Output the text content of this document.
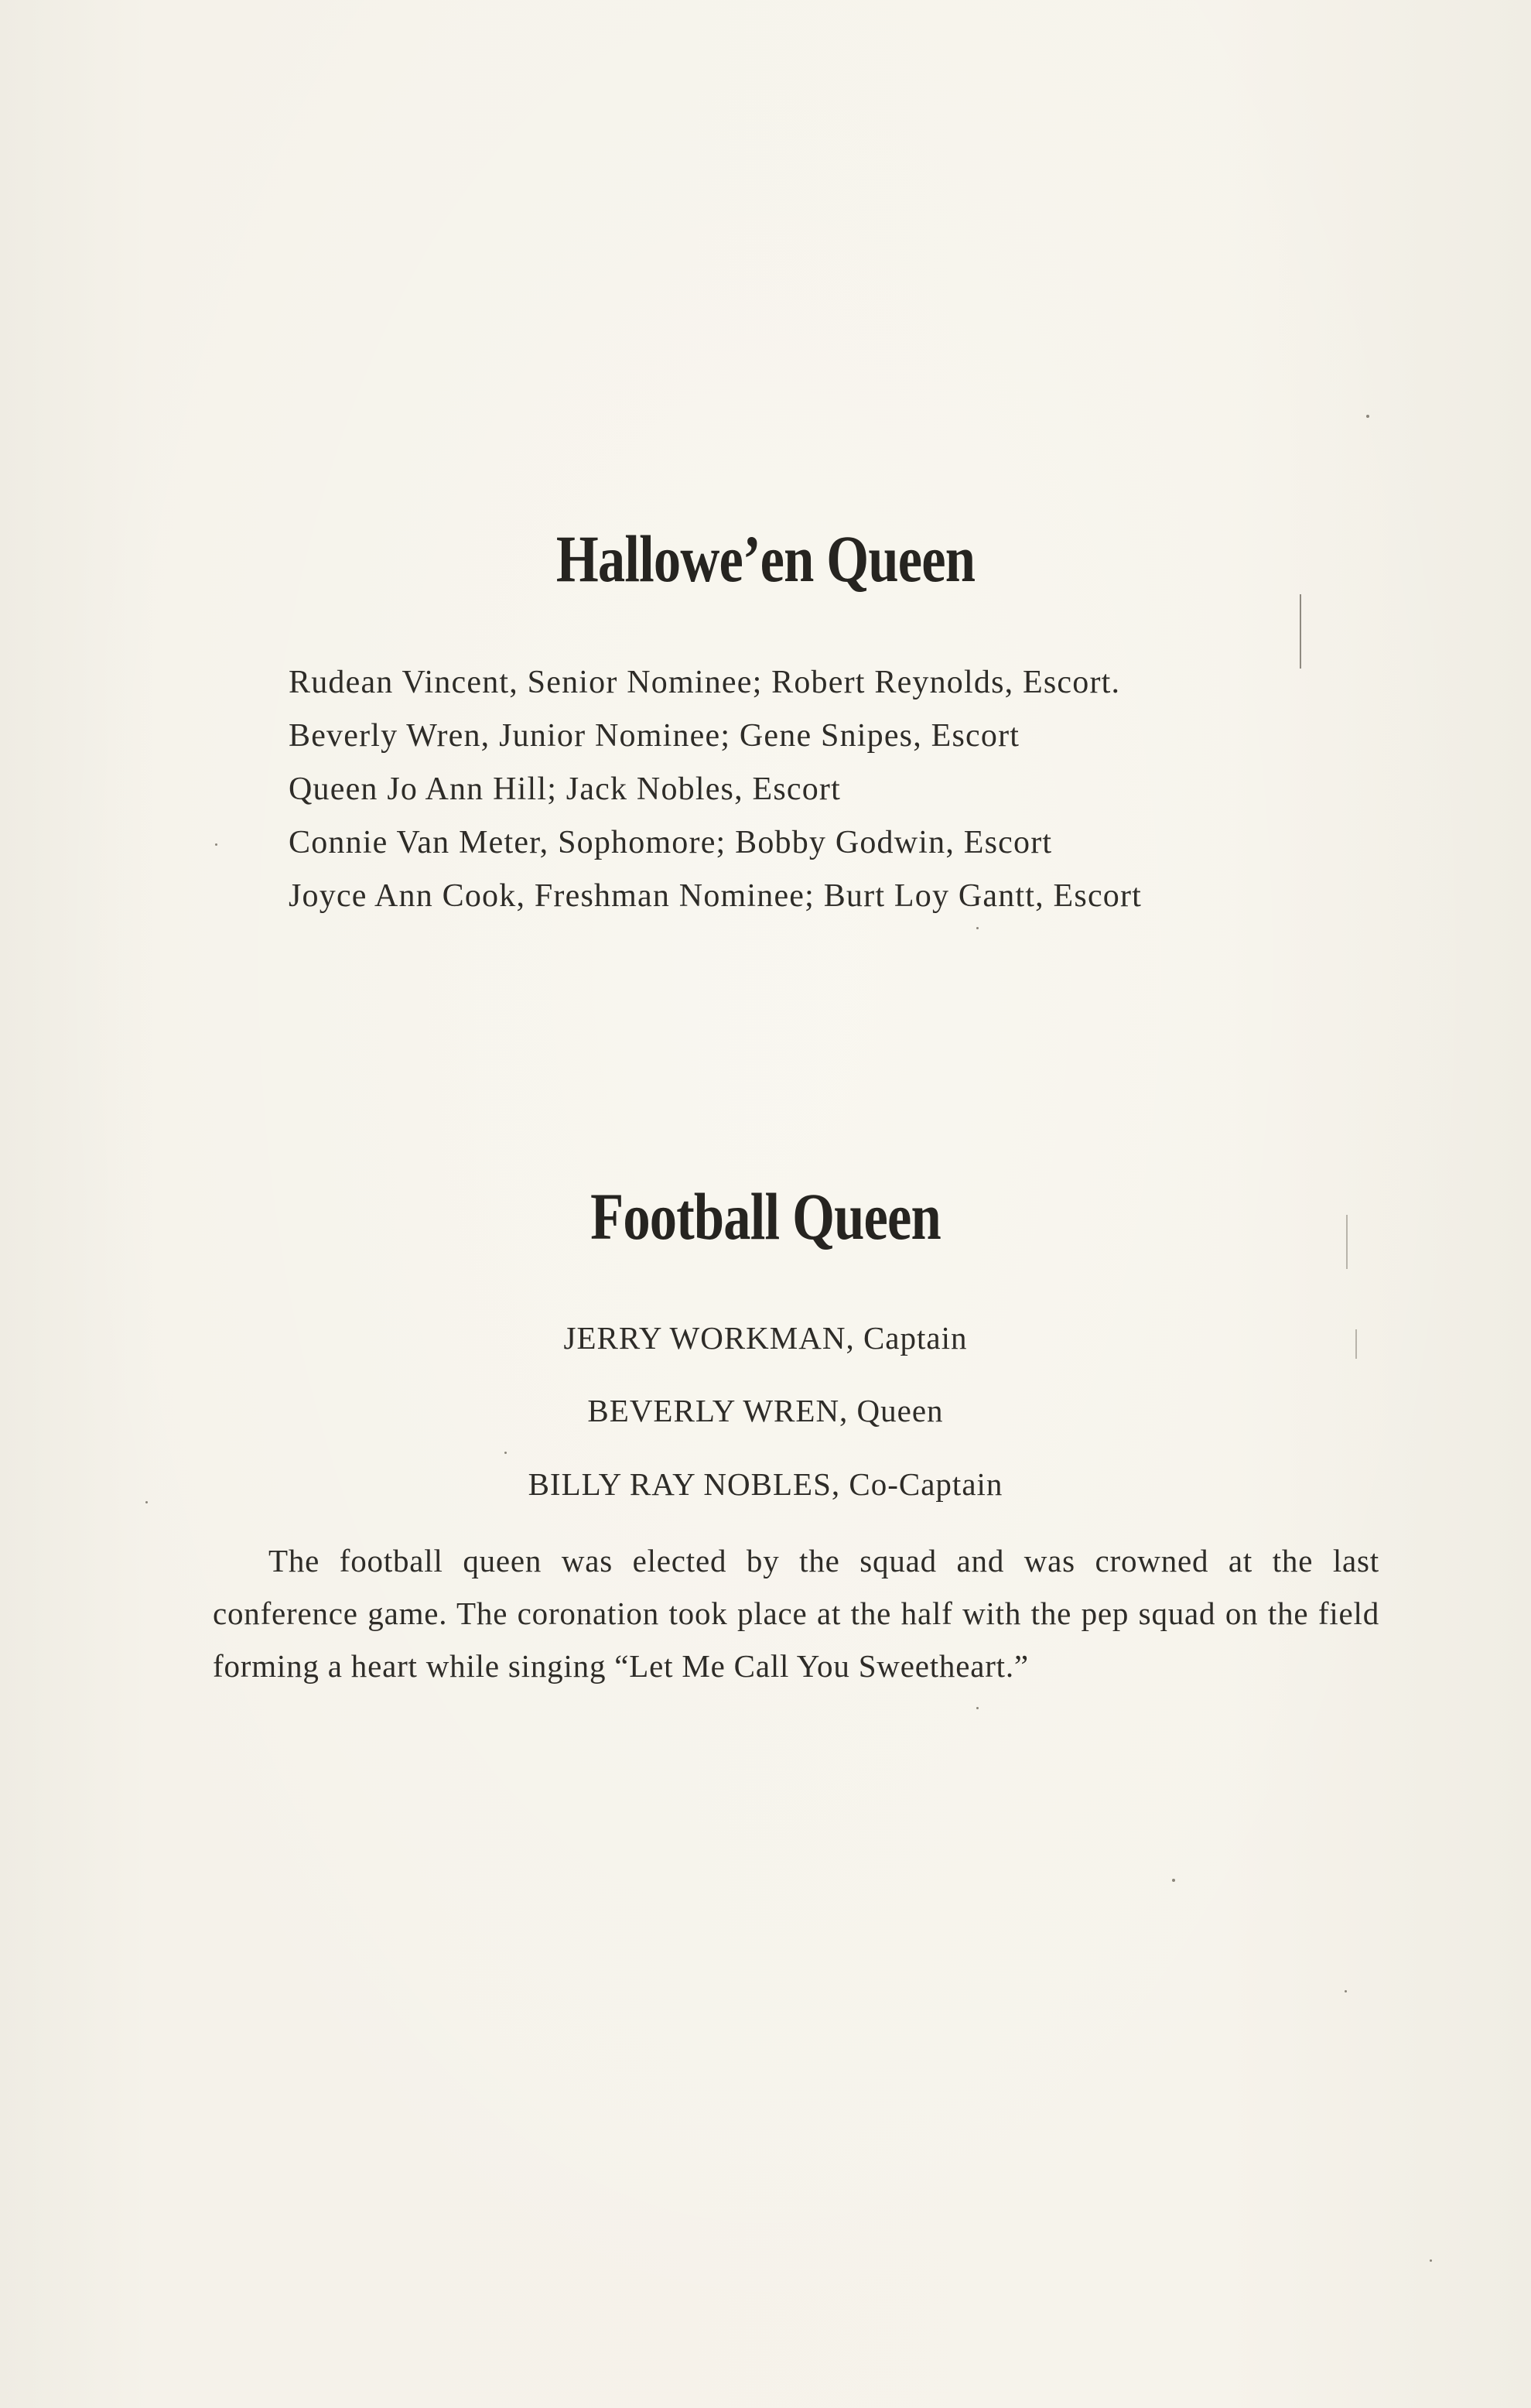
Hallowe’en Queen
Rudean Vincent, Senior Nominee; Robert Reynolds, Escort.
Beverly Wren, Junior Nominee; Gene Snipes, Escort
Queen Jo Ann Hill; Jack Nobles, Escort
Connie Van Meter, Sophomore; Bobby Godwin, Escort
Joyce Ann Cook, Freshman Nominee; Burt Loy Gantt, Escort
Football Queen
JERRY WORKMAN, Captain
BEVERLY WREN, Queen
BILLY RAY NOBLES, Co-Captain

The football queen was elected by the squad and was crowned at the last conference game. The coronation took place at the half with the pep squad on the field forming a heart while singing “Let Me Call You Sweetheart.”
